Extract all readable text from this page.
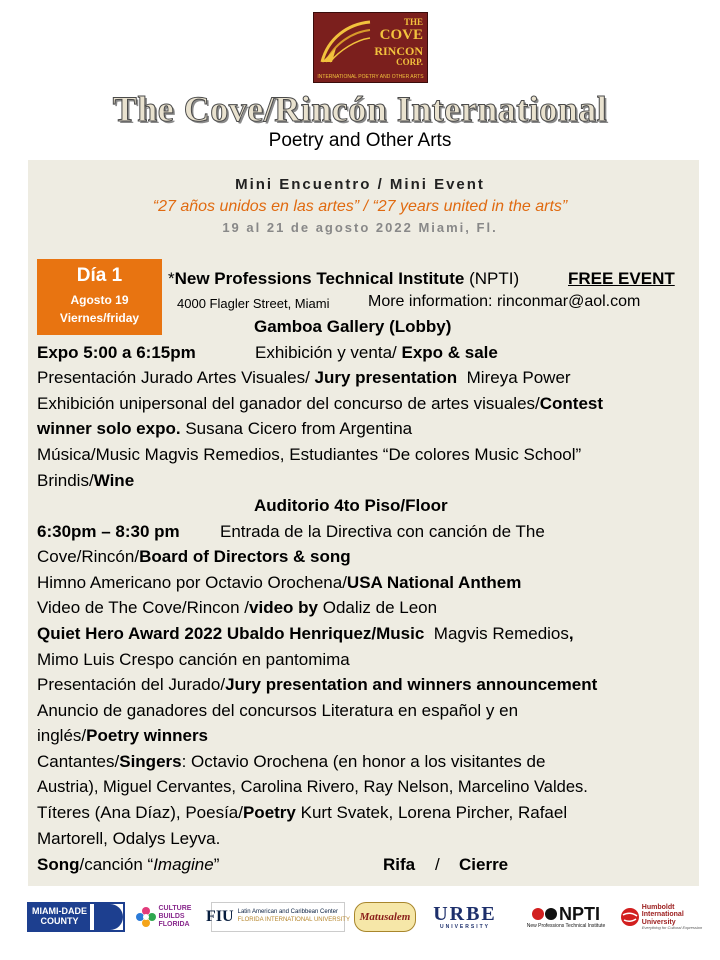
THE
COVE
RINCON
CORP.
INTERNATIONAL POETRY AND OTHER ARTS
The Cove/Rincón International
Poetry and Other Arts
Mini Encuentro / Mini Event
“27 años unidos en las artes” / “27 years united in the arts”
19 al 21 de agosto 2022 Miami, Fl.
Día 1
Agosto 19
Viernes/friday
*New Professions Technical Institute (NPTI)	FREE EVENT
4000 Flagler Street, Miami More information: rinconmar@aol.com
Gamboa Gallery (Lobby)
Expo 5:00 a 6:15pm	Exhibición y venta/ Expo & sale
Presentación Jurado Artes Visuales/ Jury presentation Mireya Power
Exhibición unipersonal del ganador del concurso de artes visuales/Contest
winner solo expo. Susana Cicero from Argentina
Música/Music Magvis Remedios, Estudiantes “De colores Music School”
Brindis/Wine
Auditorio 4to Piso/Floor
6:30pm – 8:30 pm Entrada de la Directiva con canción de The
Cove/Rincón/Board of Directors & song
Himno Americano por Octavio Orochena/USA National Anthem
Video de The Cove/Rincon /video by Odaliz de Leon
Quiet Hero Award 2022 Ubaldo Henriquez/Music Magvis Remedios,
Mimo Luis Crespo canción en pantomima
Presentación del Jurado/Jury presentation and winners announcement
Anuncio de ganadores del concursos Literatura en español y en
inglés/Poetry winners
Cantantes/Singers: Octavio Orochena (en honor a los visitantes de
Austria), Miguel Cervantes, Carolina Rivero, Ray Nelson, Marcelino Valdes.
Títeres (Ana Díaz), Poesía/Poetry Kurt Svatek, Lorena Pircher, Rafael
Martorell, Odalys Leyva.
Song/canción “Imagine”	Rifa / Cierre
MIAMI-DADE
COUNTY
CULTURE BUILDS FLORIDA	FIU Latin American and Caribbean Center
FLORIDA INTERNATIONAL UNIVERSITY Matusalem URBE
UNIVERSITY
NPTI
New Professions Technical Institute
Humboldt
International
University
Everything for Cultural Expression
